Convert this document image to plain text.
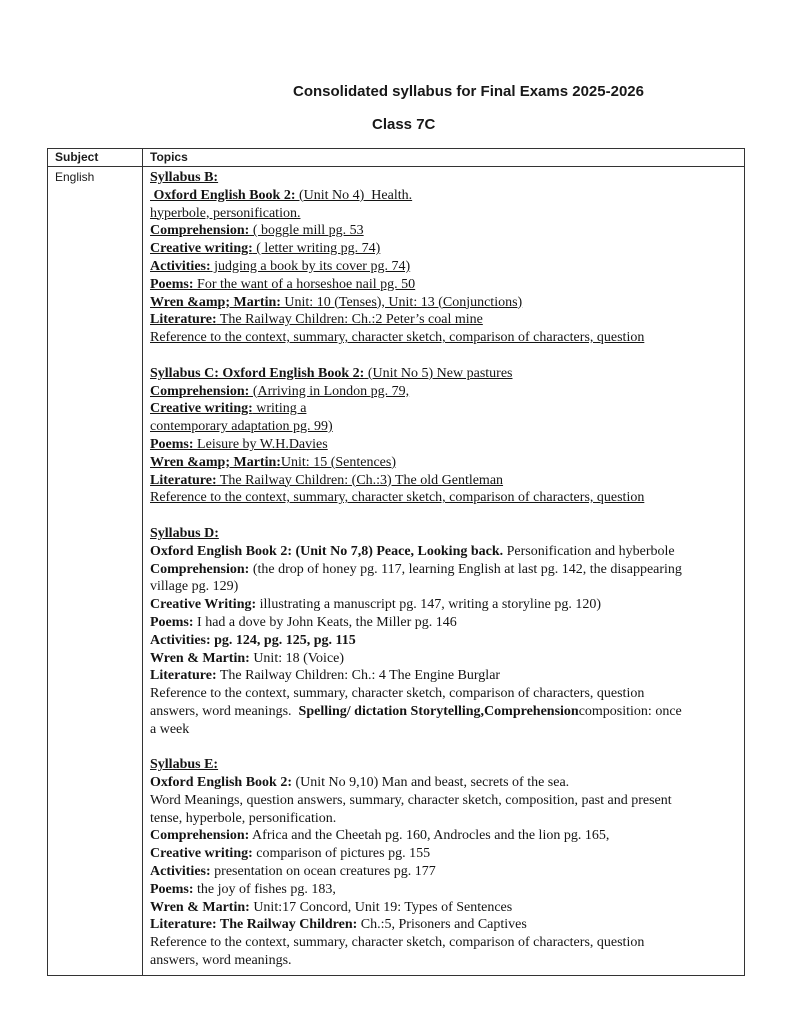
Consolidated syllabus for Final Exams 2025-2026
Class 7C
Subject	Topics
English	Syllabus B:
Oxford English Book 2: (Unit No 4)  Health.
hyperbole, personification.
Comprehension: ( boggle mill pg. 53
Creative writing: ( letter writing pg. 74)
Activities: judging a book by its cover pg. 74)
Poems: For the want of a horseshoe nail pg. 50
Wren &amp; Martin: Unit: 10 (Tenses), Unit: 13 (Conjunctions)
Literature: The Railway Children: Ch.:2 Peter’s coal mine
Reference to the context, summary, character sketch, comparison of characters, question

Syllabus C: Oxford English Book 2: (Unit No 5) New pastures
Comprehension: (Arriving in London pg. 79,
Creative writing: writing a
contemporary adaptation pg. 99)
Poems: Leisure by W.H.Davies
Wren &amp; Martin:Unit: 15 (Sentences)
Literature: The Railway Children: (Ch.:3) The old Gentleman
Reference to the context, summary, character sketch, comparison of characters, question

Syllabus D:
Oxford English Book 2: (Unit No 7,8) Peace, Looking back. Personification and hyberbole
Comprehension: (the drop of honey pg. 117, learning English at last pg. 142, the disappearing
village pg. 129)
Creative Writing: illustrating a manuscript pg. 147, writing a storyline pg. 120)
Poems: I had a dove by John Keats, the Miller pg. 146
Activities: pg. 124, pg. 125, pg. 115
Wren & Martin: Unit: 18 (Voice)
Literature: The Railway Children: Ch.: 4 The Engine Burglar
Reference to the context, summary, character sketch, comparison of characters, question
answers, word meanings.  Spelling/ dictation Storytelling,Comprehensioncomposition: once
a week

Syllabus E:
Oxford English Book 2: (Unit No 9,10) Man and beast, secrets of the sea.
Word Meanings, question answers, summary, character sketch, composition, past and present
tense, hyperbole, personification.
Comprehension: Africa and the Cheetah pg. 160, Androcles and the lion pg. 165,
Creative writing: comparison of pictures pg. 155
Activities: presentation on ocean creatures pg. 177
Poems: the joy of fishes pg. 183,
Wren & Martin: Unit:17 Concord, Unit 19: Types of Sentences
Literature: The Railway Children: Ch.:5, Prisoners and Captives
Reference to the context, summary, character sketch, comparison of characters, question
answers, word meanings.
